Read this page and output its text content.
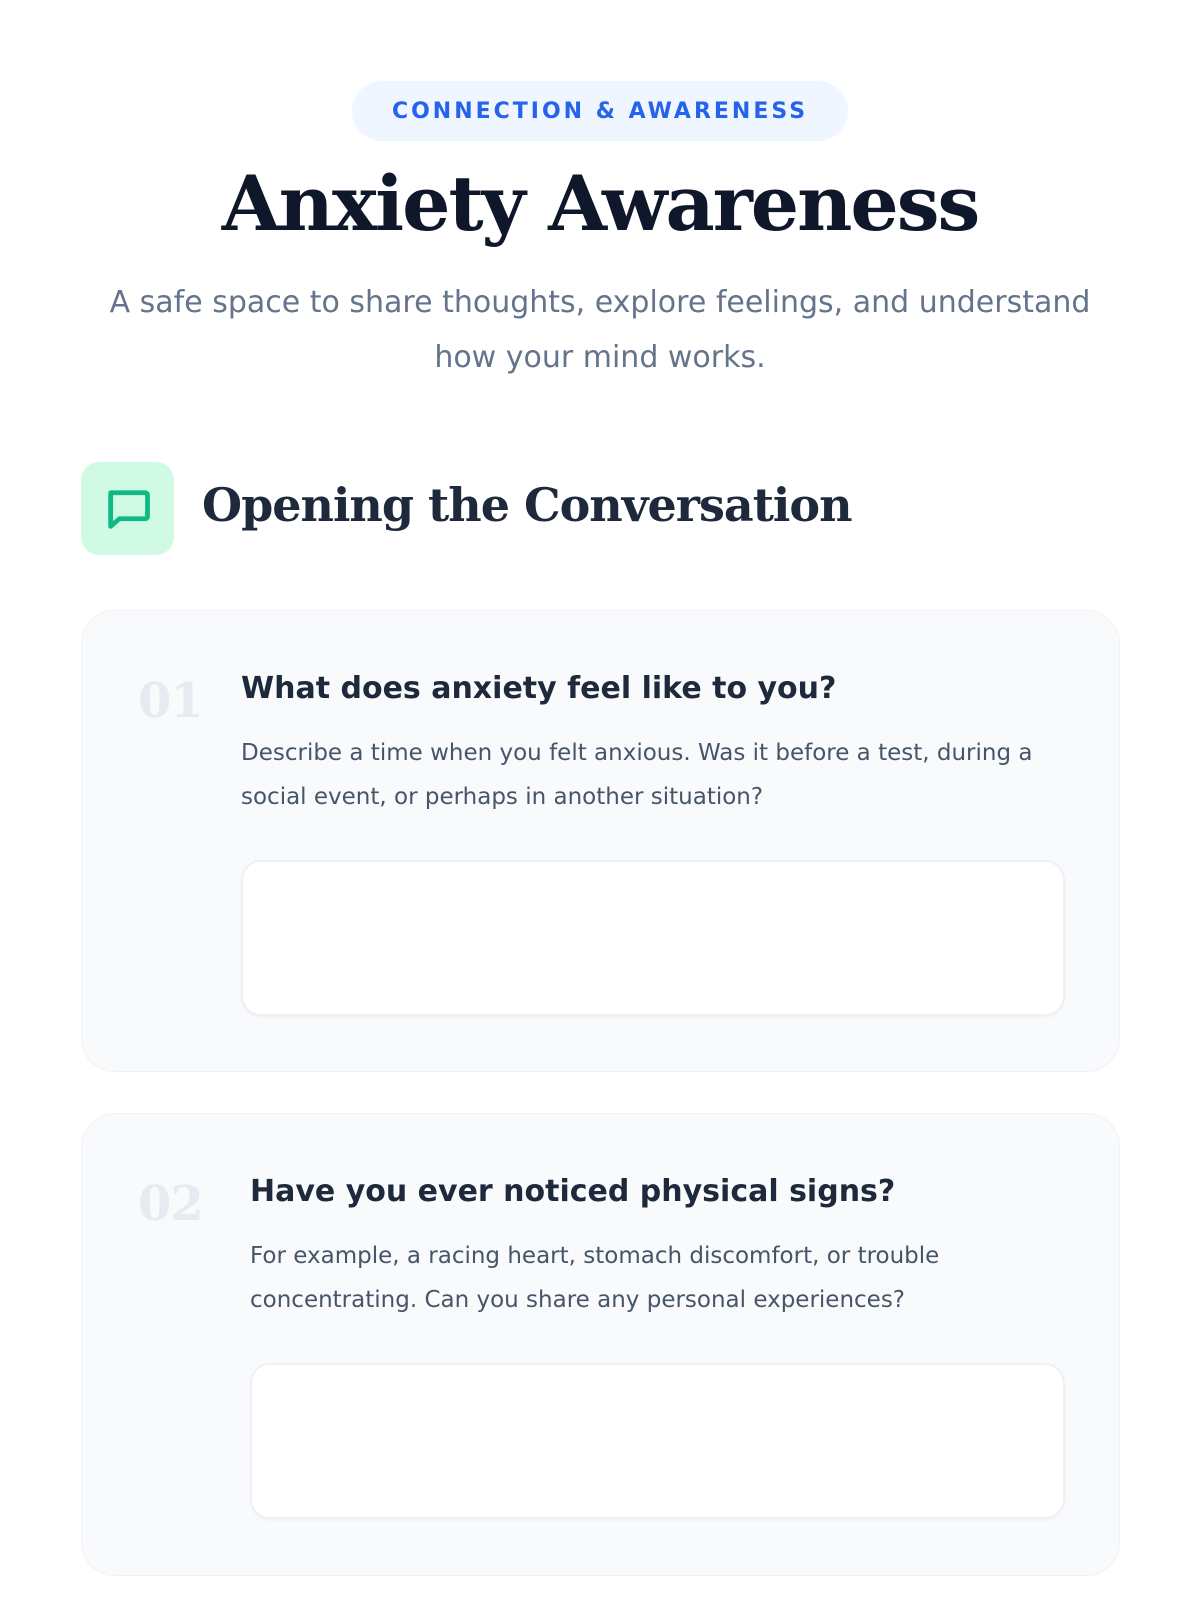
CONNECTION & AWARENESS
Anxiety Awareness

A safe space to share thoughts, explore feelings, and understand how your mind works.

Opening the Conversation
01 What does anxiety feel like to you?

Describe a time when you felt anxious. Was it before a test, during a social event, or perhaps in another situation?

02 Have you ever noticed physical signs?

For example, a racing heart, stomach discomfort, or trouble concentrating. Can you share any personal experiences?
